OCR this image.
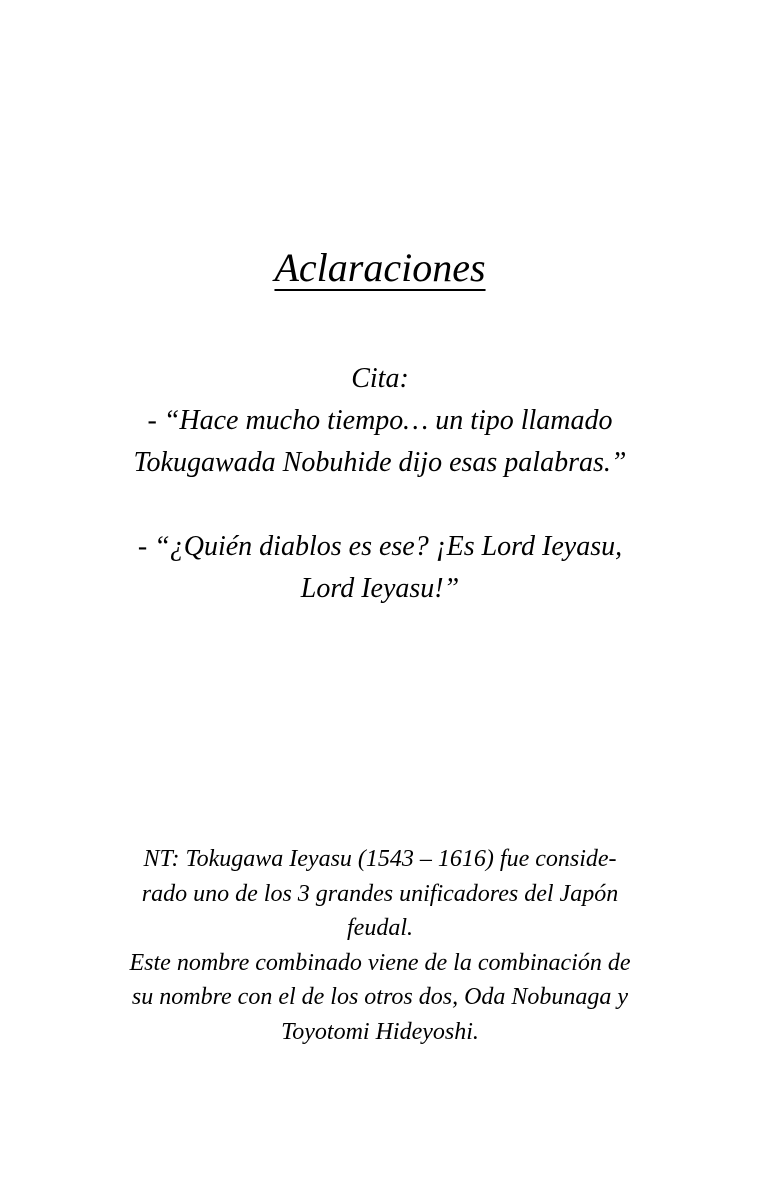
Aclaraciones
Cita:
- “Hace mucho tiempo… un tipo llamado
Tokugawada Nobuhide dijo esas palabras.”
- “¿Quién diablos es ese? ¡Es Lord Ieyasu,
Lord Ieyasu!”
NT: Tokugawa Ieyasu (1543 – 1616) fue conside-
rado uno de los 3 grandes unificadores del Japón
feudal.
Este nombre combinado viene de la combinación de
su nombre con el de los otros dos, Oda Nobunaga y
Toyotomi Hideyoshi.
